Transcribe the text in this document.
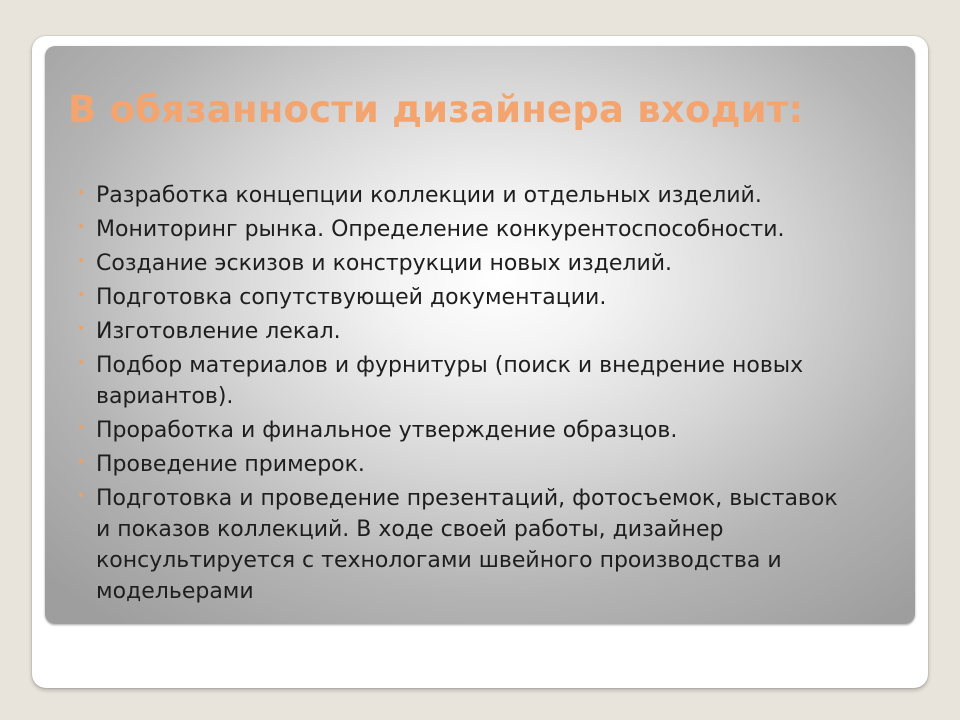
В обязанности дизайнера входит:
• Разработка концепции коллекции и отдельных изделий.
• Мониторинг рынка. Определение конкурентоспособности.
• Создание эскизов и конструкции новых изделий.
• Подготовка сопутствующей документации.
• Изготовление лекал.
• Подбор материалов и фурнитуры (поиск и внедрение новых вариантов).
• Проработка и финальное утверждение образцов.
• Проведение примерок.
• Подготовка и проведение презентаций, фотосъемок, выставок и показов коллекций. В ходе своей работы, дизайнер консультируется с технологами швейного производства и модельерами
